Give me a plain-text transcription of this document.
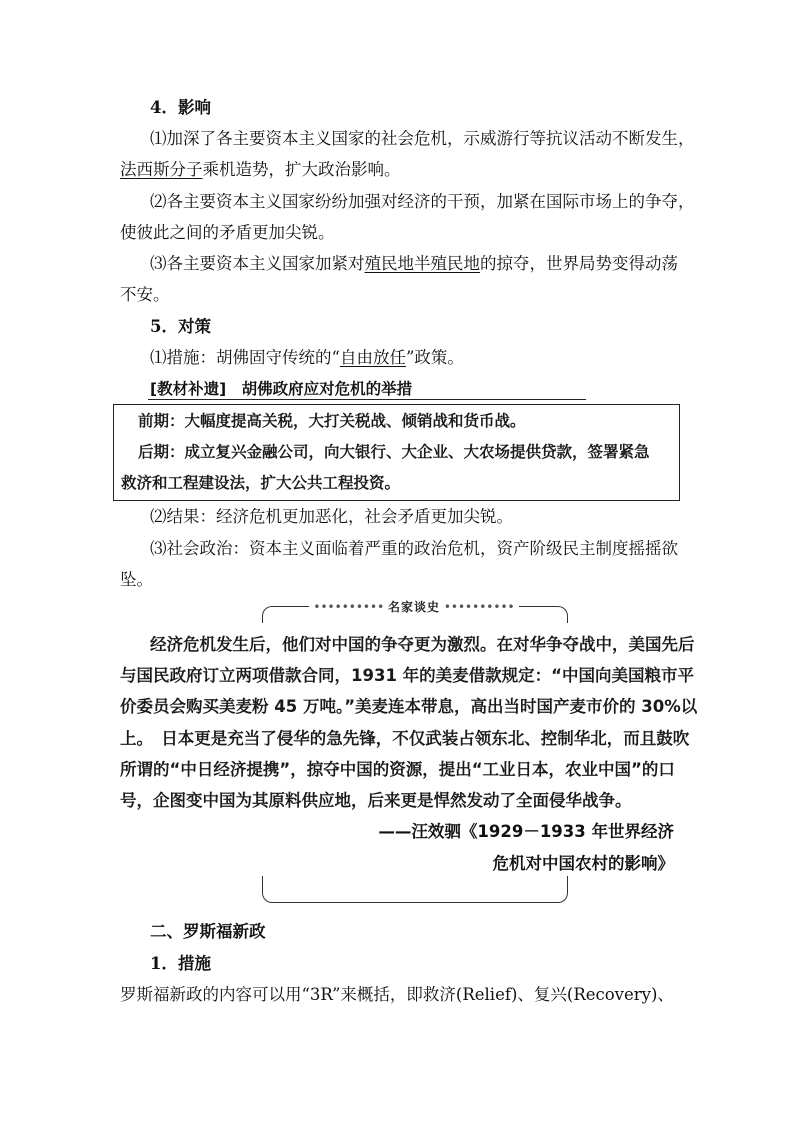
4．影响
⑴加深了各主要资本主义国家的社会危机，示威游行等抗议活动不断发生，
法西斯分子乘机造势，扩大政治影响。
⑵各主要资本主义国家纷纷加强对经济的干预，加紧在国际市场上的争夺，
使彼此之间的矛盾更加尖锐。
⑶各主要资本主义国家加紧对殖民地半殖民地的掠夺，世界局势变得动荡
不安。
5．对策
⑴措施：胡佛固守传统的“自由放任”政策。
[教材补遗]　胡佛政府应对危机的举措
前期：大幅度提高关税，大打关税战、倾销战和货币战。
后期：成立复兴金融公司，向大银行、大企业、大农场提供贷款，签署紧急
救济和工程建设法，扩大公共工程投资。
⑵结果：经济危机更加恶化，社会矛盾更加尖锐。
⑶社会政治：资本主义面临着严重的政治危机，资产阶级民主制度摇摇欲
坠。
•••••••••• 名家谈史 ••••••••••
经济危机发生后，他们对中国的争夺更为激烈。在对华争夺战中，美国先后
与国民政府订立两项借款合同，1931 年的美麦借款规定：“中国向美国粮市平
价委员会购买美麦粉 45 万吨。”美麦连本带息，高出当时国产麦市价的 30%以
上。　日本更是充当了侵华的急先锋，不仅武装占领东北、控制华北，而且鼓吹
所谓的“中日经济提携”，掠夺中国的资源，提出“工业日本，农业中国”的口
号，企图变中国为其原料供应地，后来更是悍然发动了全面侵华战争。
——汪效驷《1929－1933 年世界经济
危机对中国农村的影响》
二、罗斯福新政
1．措施
罗斯福新政的内容可以用“3R”来概括，即救济(Relief)、复兴(Recovery)、
